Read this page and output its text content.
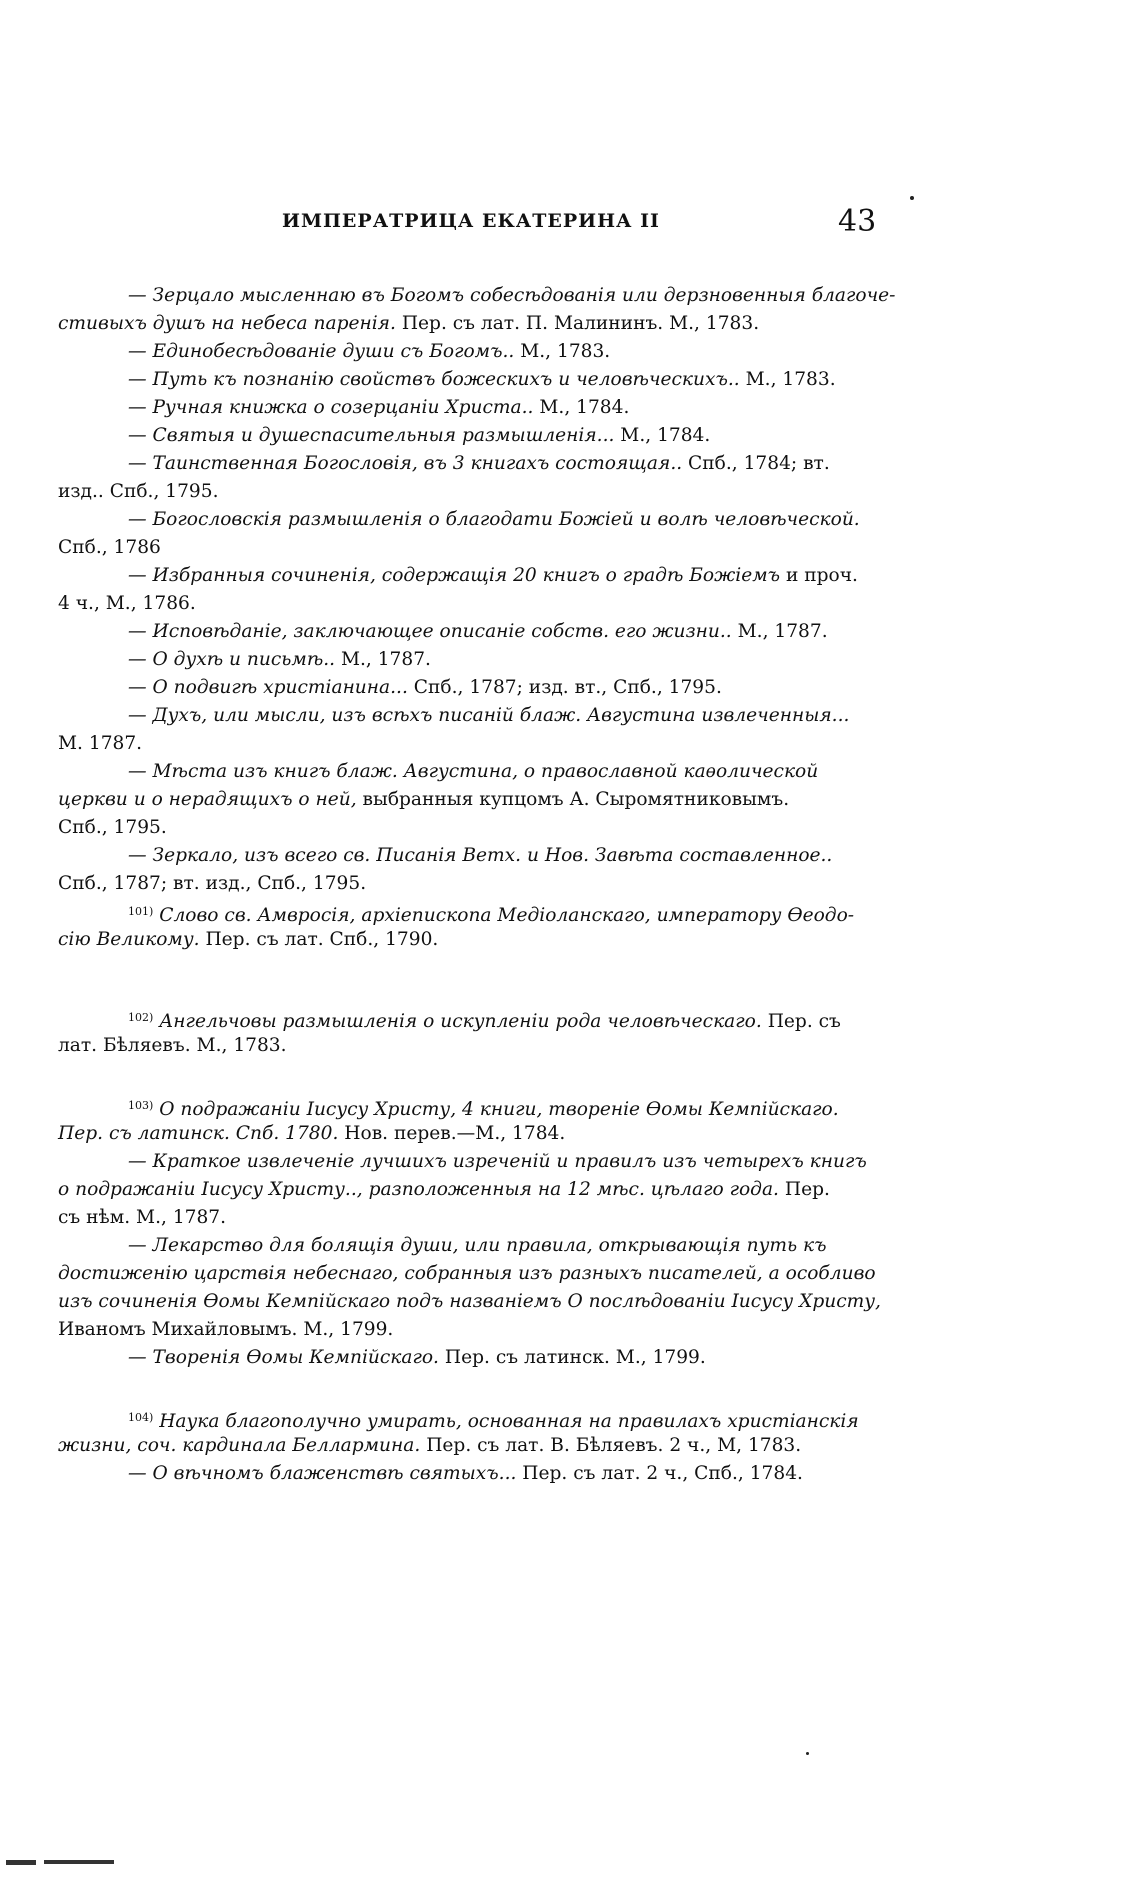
ИМПЕРАТРИЦА ЕКАТЕРИНА II	43
— Зерцало мысленнаю въ Богомъ собесѣдованія или дерзновенныя благоче-
стивыхъ душъ на небеса паренія. Пер. съ лат. П. Малининъ. М., 1783.
— Единобесѣдованіе души съ Богомъ.. М., 1783.
— Путь къ познанію свойствъ божескихъ и человѣческихъ.. М., 1783.
— Ручная книжка о созерцаніи Христа.. М., 1784.
— Святыя и душеспасительныя размышленія... М., 1784.
— Таинственная Богословія, въ 3 книгахъ состоящая.. Спб., 1784; вт.
изд.. Спб., 1795.
— Богословскія размышленія о благодати Божіей и волѣ человѣческой.
Спб., 1786
— Избранныя сочиненія, содержащія 20 книгъ о градѣ Божіемъ и проч.
4 ч., М., 1786.
— Исповѣданіе, заключающее описаніе собств. его жизни.. М., 1787.
— О духѣ и письмѣ.. М., 1787.
— О подвигѣ христіанина... Спб., 1787; изд. вт., Спб., 1795.
— Духъ, или мысли, изъ всѣхъ писаній блаж. Августина извлеченныя...
М. 1787.
— Мѣста изъ книгъ блаж. Августина, о православной каѳолической
церкви и о нерадящихъ о ней, выбранныя купцомъ А. Сыромятниковымъ.
Спб., 1795.
— Зеркало, изъ всего св. Писанія Ветх. и Нов. Завѣта составленное..
Спб., 1787; вт. изд., Спб., 1795.
$^{101)}$ Слово св. Амвросія, архіепископа Медіоланскаго, императору Ѳеодо-
сію Великому. Пер. съ лат. Спб., 1790.
$^{102)}$ Ангельчовы размышленія о искупленіи рода человѣческаго. Пер. съ
лат. Бѣляевъ. М., 1783.
$^{103)}$ О подражаніи Іисусу Христу, 4 книги, твореніе Ѳомы Кемпійскаго.
Пер. съ латинск. Спб. 1780. Нов. перев.—М., 1784.
— Краткое извлеченіе лучшихъ изреченій и правилъ изъ четырехъ книгъ
о подражаніи Іисусу Христу.., разположенныя на 12 мѣс. цѣлаго года. Пер.
съ нѣм. М., 1787.
— Лекарство для болящія души, или правила, открывающія путь къ
достиженію царствія небеснаго, собранныя изъ разныхъ писателей, а особливо
изъ сочиненія Ѳомы Кемпійскаго подъ названіемъ О послѣдованіи Іисусу Христу,
Иваномъ Михайловымъ. М., 1799.
— Творенія Ѳомы Кемпійскаго. Пер. съ латинск. М., 1799.
$^{104)}$ Наука благополучно умирать, основанная на правилахъ христіанскія
жизни, соч. кардинала Беллармина. Пер. съ лат. В. Бѣляевъ. 2 ч., М, 1783.
— О вѣчномъ блаженствѣ святыхъ... Пер. съ лат. 2 ч., Спб., 1784.
